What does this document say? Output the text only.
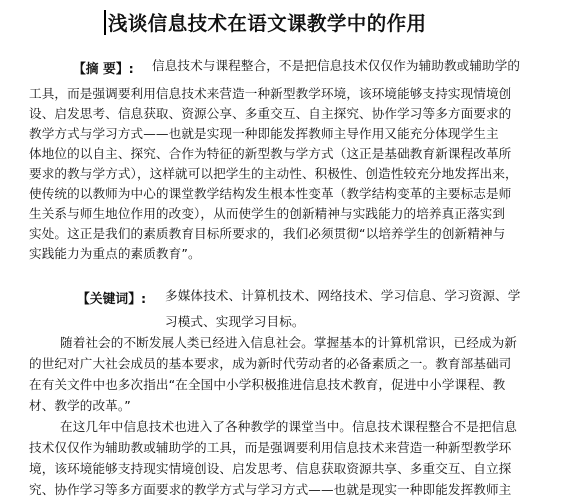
浅谈信息技术在语文课教学中的作用
【摘 要】: 信息技术与课程整合，不是把信息技术仅仅作为辅助教或辅助学的
工具，而是强调要利用信息技术来营造一种新型教学环境，该环境能够支持实现情境创
设、启发思考、信息获取、资源公享、多重交互、自主探究、协作学习等多方面要求的
教学方式与学习方式——也就是实现一种即能发挥教师主导作用又能充分体现学生主
体地位的以自主、探究、合作为特征的新型教与学方式（这正是基础教育新课程改革所
要求的教与学方式），这样就可以把学生的主动性、积极性、创造性较充分地发挥出来，
使传统的以教师为中心的课堂教学结构发生根本性变革（教学结构变革的主要标志是师
生关系与师生地位作用的改变），从而使学生的创新精神与实践能力的培养真正落实到
实处。这正是我们的素质教育目标所要求的，我们必须贯彻“以培养学生的创新精神与
实践能力为重点的素质教育”。
【关键词】: 多媒体技术、计算机技术、网络技术、学习信息、学习资源、学
习模式、实现学习目标。
随着社会的不断发展人类已经进入信息社会。掌握基本的计算机常识，已经成为新
的世纪对广大社会成员的基本要求，成为新时代劳动者的必备素质之一。教育部基础司
在有关文件中也多次指出“在全国中小学积极推进信息技术教育，促进中小学课程、教
材、教学的改革。”
在这几年中信息技术也进入了各种教学的课堂当中。信息技术课程整合不是把信息
技术仅仅作为辅助教或辅助学的工具，而是强调要利用信息技术来营造一种新型教学环
境，该环境能够支持现实情境创设、启发思考、信息获取资源共享、多重交互、自立探
究、协作学习等多方面要求的教学方式与学习方式——也就是现实一种即能发挥教师主
